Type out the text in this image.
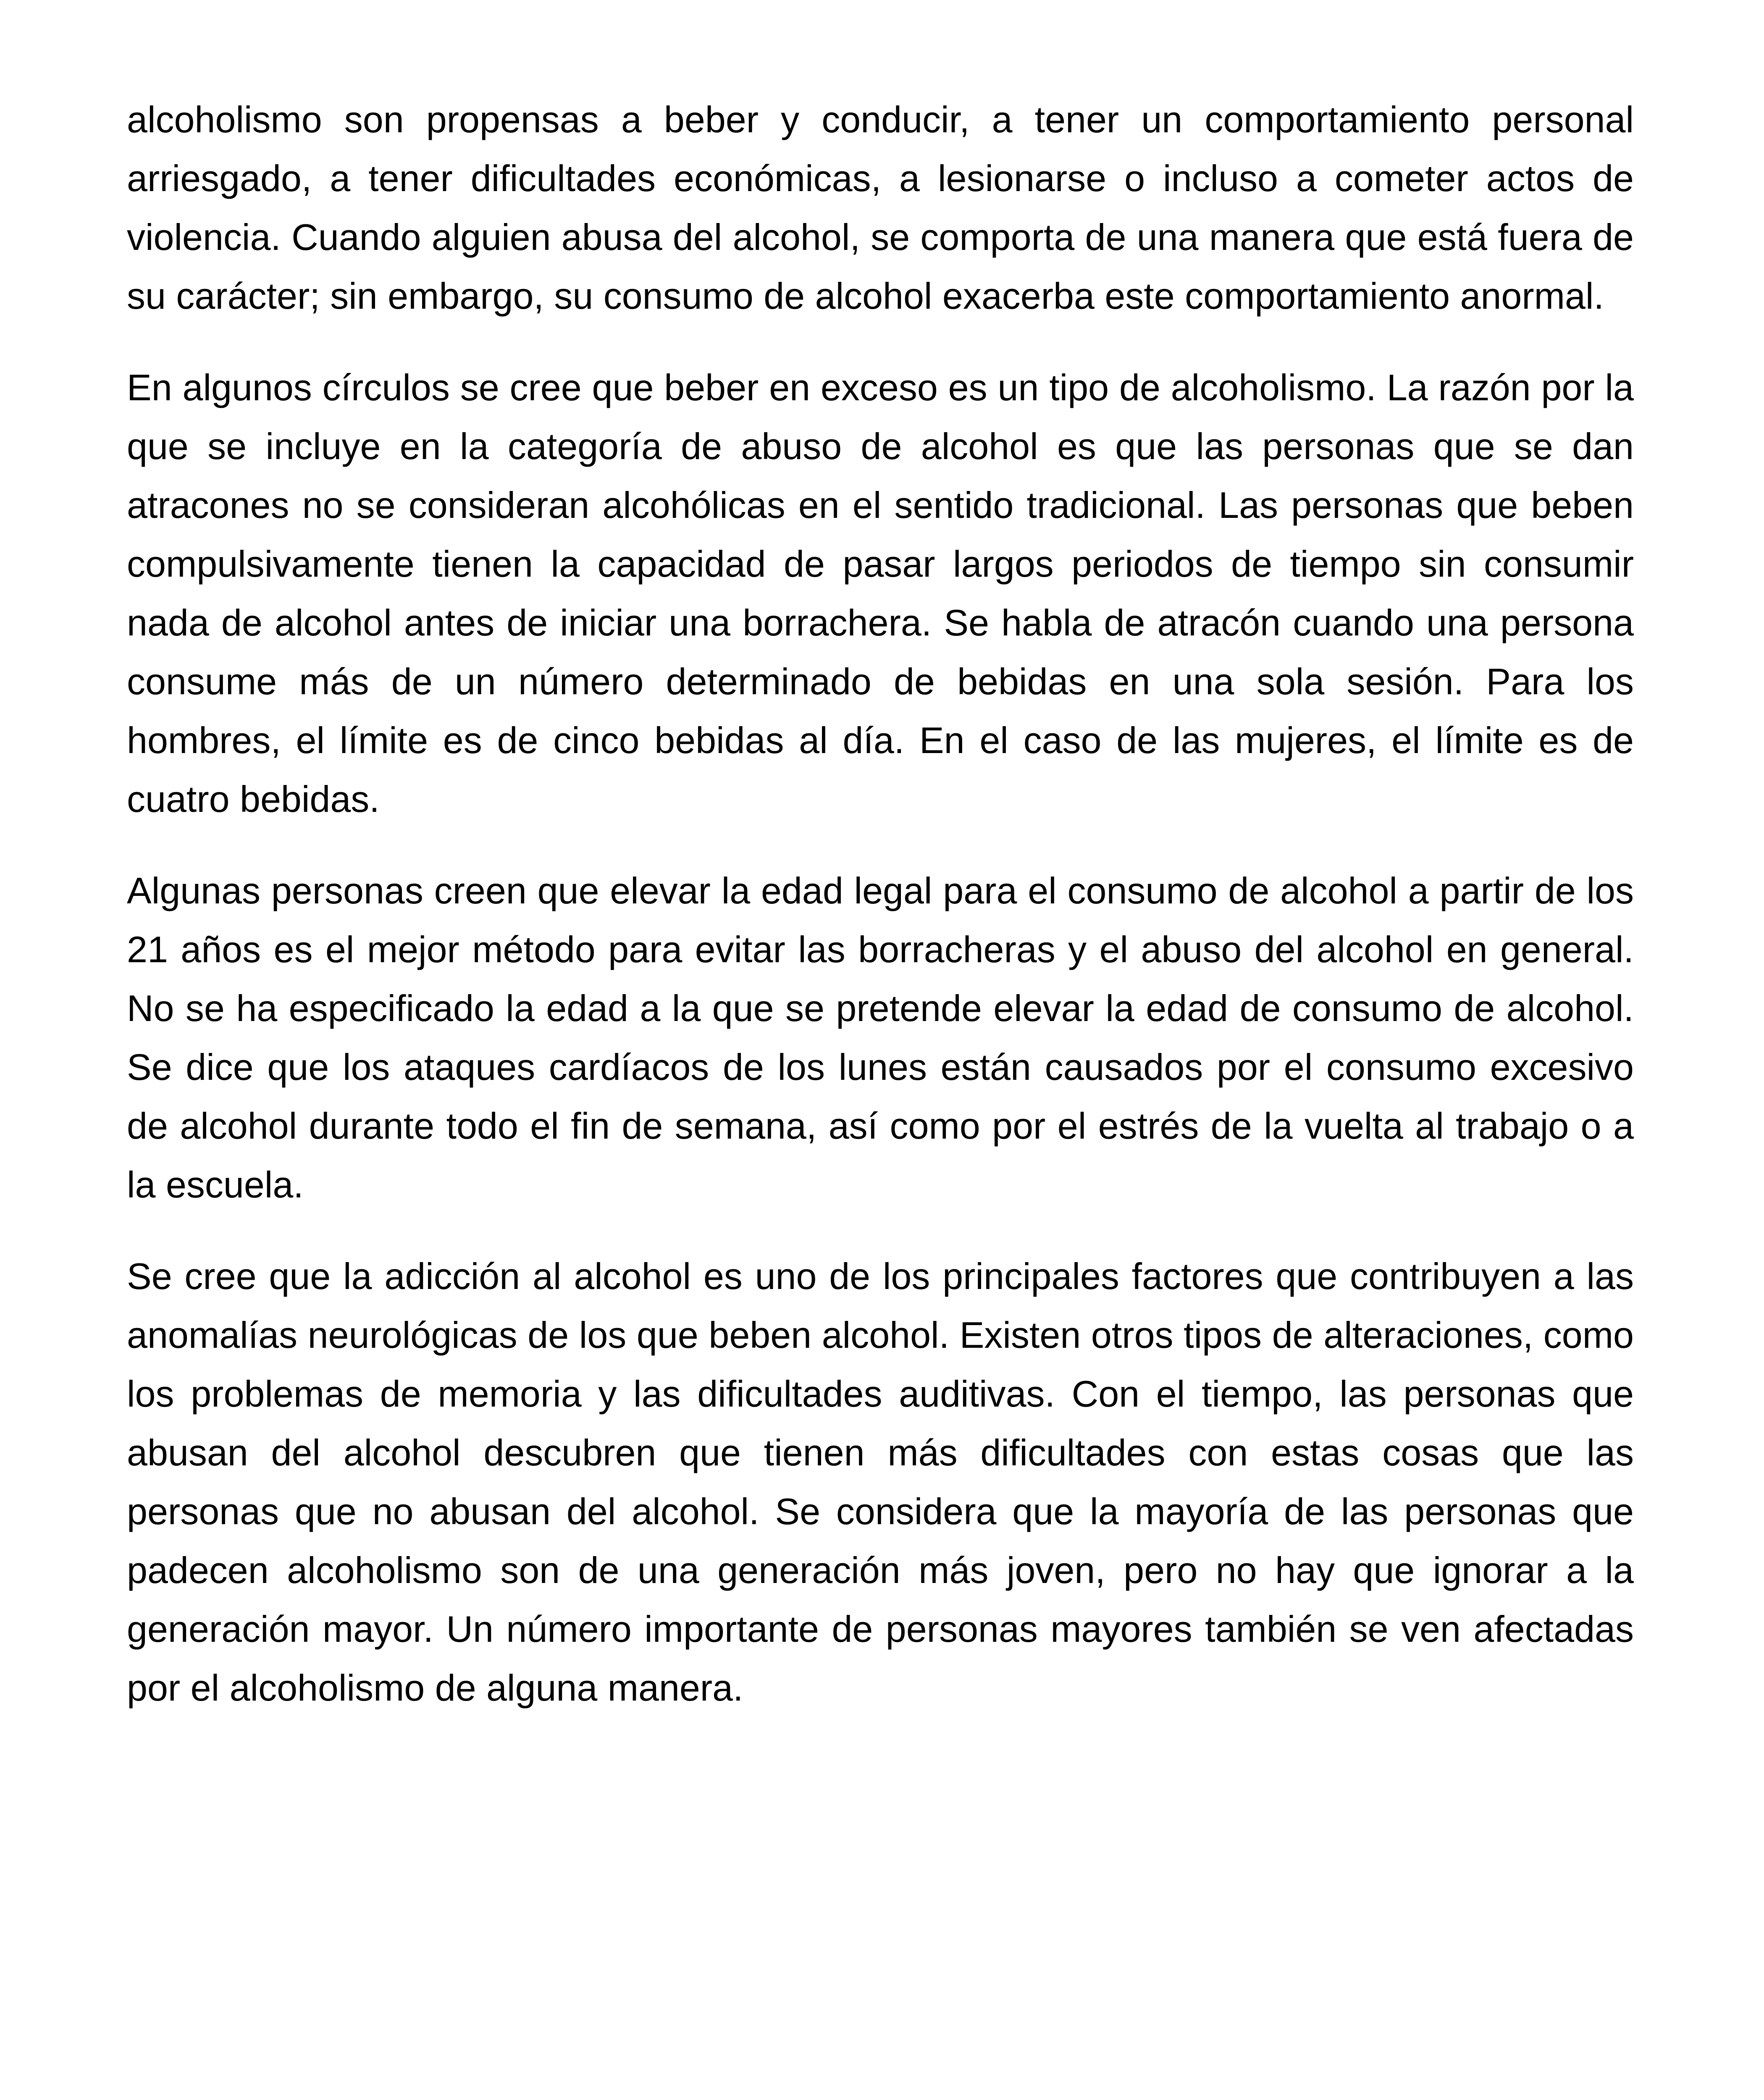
alcoholismo son propensas a beber y conducir, a tener un comportamiento personal arriesgado, a tener dificultades económicas, a lesionarse o incluso a cometer actos de violencia. Cuando alguien abusa del alcohol, se comporta de una manera que está fuera de su carácter; sin embargo, su consumo de alcohol exacerba este comportamiento anormal.

En algunos círculos se cree que beber en exceso es un tipo de alcoholismo. La razón por la que se incluye en la categoría de abuso de alcohol es que las personas que se dan atracones no se consideran alcohólicas en el sentido tradicional. Las personas que beben compulsivamente tienen la capacidad de pasar largos periodos de tiempo sin consumir nada de alcohol antes de iniciar una borrachera. Se habla de atracón cuando una persona consume más de un número determinado de bebidas en una sola sesión. Para los hombres, el límite es de cinco bebidas al día. En el caso de las mujeres, el límite es de cuatro bebidas.

Algunas personas creen que elevar la edad legal para el consumo de alcohol a partir de los 21 años es el mejor método para evitar las borracheras y el abuso del alcohol en general. No se ha especificado la edad a la que se pretende elevar la edad de consumo de alcohol. Se dice que los ataques cardíacos de los lunes están causados por el consumo excesivo de alcohol durante todo el fin de semana, así como por el estrés de la vuelta al trabajo o a la escuela.

Se cree que la adicción al alcohol es uno de los principales factores que contribuyen a las anomalías neurológicas de los que beben alcohol. Existen otros tipos de alteraciones, como los problemas de memoria y las dificultades auditivas. Con el tiempo, las personas que abusan del alcohol descubren que tienen más dificultades con estas cosas que las personas que no abusan del alcohol. Se considera que la mayoría de las personas que padecen alcoholismo son de una generación más joven, pero no hay que ignorar a la generación mayor. Un número importante de personas mayores también se ven afectadas por el alcoholismo de alguna manera.
